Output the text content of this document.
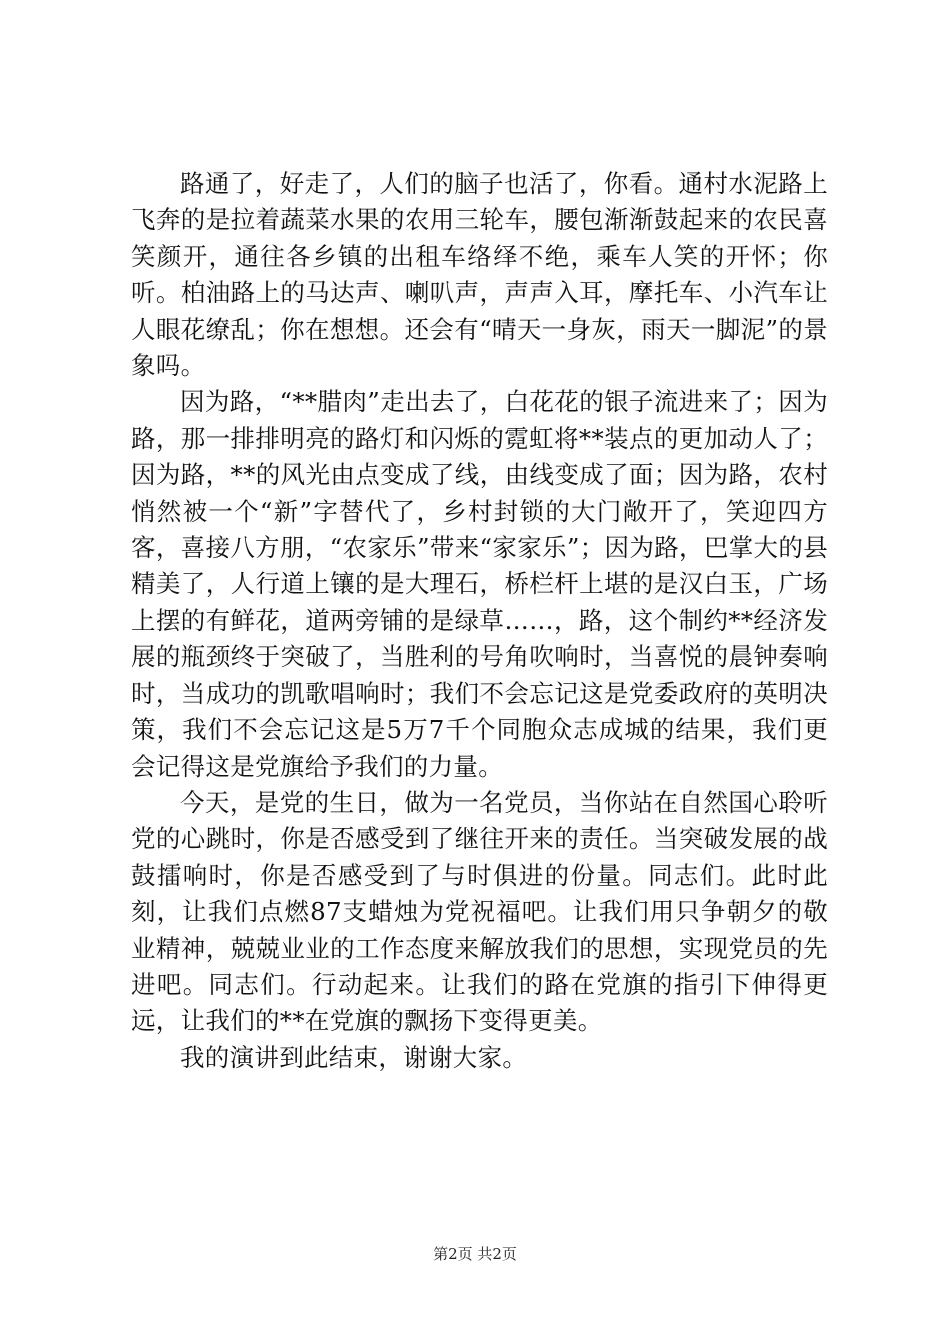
路通了，好走了，人们的脑子也活了，你看。通村水泥路上飞奔的是拉着蔬菜水果的农用三轮车，腰包渐渐鼓起来的农民喜笑颜开，通往各乡镇的出租车络绎不绝，乘车人笑的开怀；你听。柏油路上的马达声、喇叭声，声声入耳，摩托车、小汽车让人眼花缭乱；你在想想。还会有“晴天一身灰，雨天一脚泥”的景象吗。

因为路，“**腊肉”走出去了，白花花的银子流进来了；因为路，那一排排明亮的路灯和闪烁的霓虹将**装点的更加动人了；因为路，**的风光由点变成了线，由线变成了面；因为路，农村悄然被一个“新”字替代了，乡村封锁的大门敞开了，笑迎四方客，喜接八方朋，“农家乐”带来“家家乐”；因为路，巴掌大的县精美了，人行道上镶的是大理石，桥栏杆上堪的是汉白玉，广场上摆的有鲜花，道两旁铺的是绿草……，路，这个制约**经济发展的瓶颈终于突破了，当胜利的号角吹响时，当喜悦的晨钟奏响时，当成功的凯歌唱响时；我们不会忘记这是党委政府的英明决策，我们不会忘记这是5万7千个同胞众志成城的结果，我们更会记得这是党旗给予我们的力量。

今天，是党的生日，做为一名党员，当你站在自然国心聆听党的心跳时，你是否感受到了继往开来的责任。当突破发展的战鼓擂响时，你是否感受到了与时俱进的份量。同志们。此时此刻，让我们点燃87支蜡烛为党祝福吧。让我们用只争朝夕的敬业精神，兢兢业业的工作态度来解放我们的思想，实现党员的先进吧。同志们。行动起来。让我们的路在党旗的指引下伸得更远，让我们的**在党旗的飘扬下变得更美。

我的演讲到此结束，谢谢大家。

第2页 共2页
